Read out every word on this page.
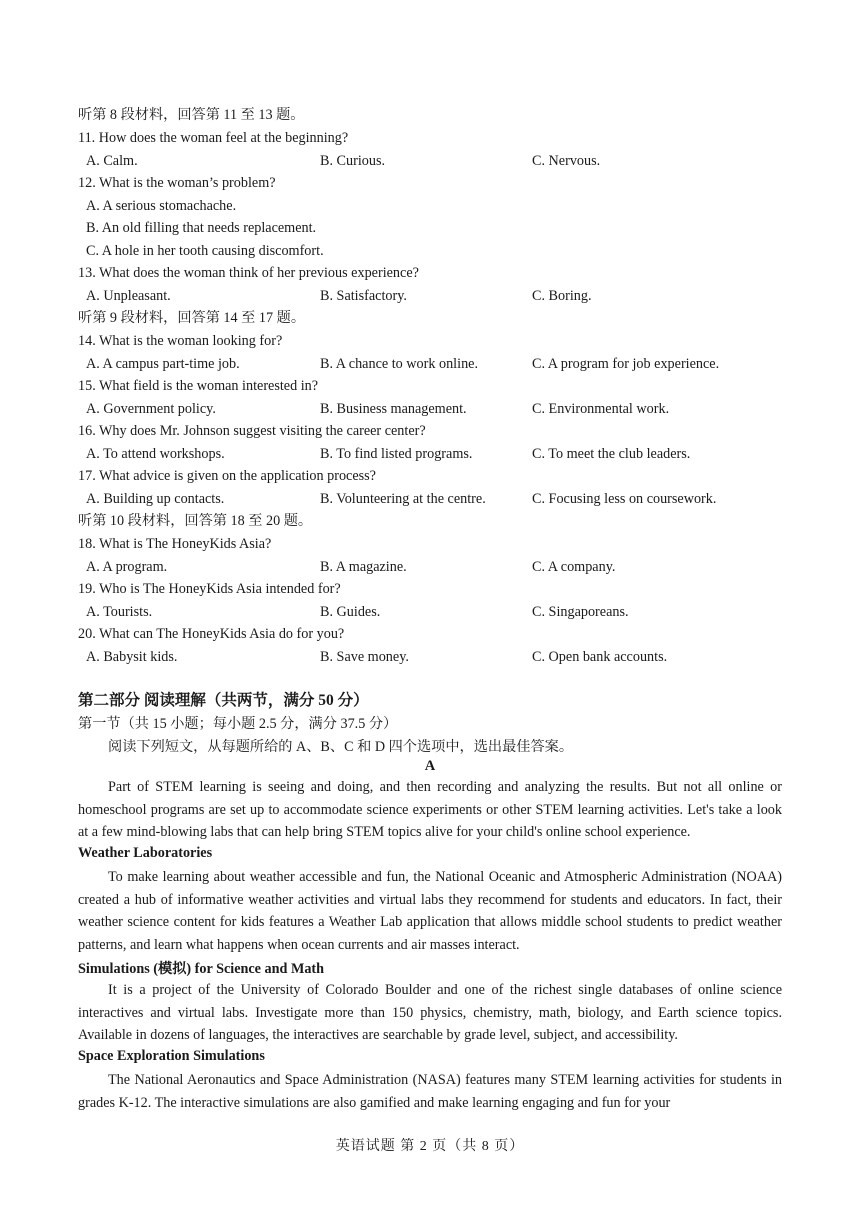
听第 8 段材料，回答第 11 至 13 题。
11. How does the woman feel at the beginning?
A. Calm.	B. Curious.	C. Nervous.
12. What is the woman’s problem?
A. A serious stomachache.
B. An old filling that needs replacement.
C. A hole in her tooth causing discomfort.
13. What does the woman think of her previous experience?
A. Unpleasant.	B. Satisfactory.	C. Boring.
听第 9 段材料，回答第 14 至 17 题。
14. What is the woman looking for?
A. A campus part-time job.	B. A chance to work online.	C. A program for job experience.
15. What field is the woman interested in?
A. Government policy.	B. Business management.	C. Environmental work.
16. Why does Mr. Johnson suggest visiting the career center?
A. To attend workshops.	B. To find listed programs.	C. To meet the club leaders.
17. What advice is given on the application process?
A. Building up contacts.	B. Volunteering at the centre.	C. Focusing less on coursework.
听第 10 段材料，回答第 18 至 20 题。
18. What is The HoneyKids Asia?
A. A program.	B. A magazine.	C. A company.
19. Who is The HoneyKids Asia intended for?
A. Tourists.	B. Guides.	C. Singaporeans.
20. What can The HoneyKids Asia do for you?
A. Babysit kids.	B. Save money.	C. Open bank accounts.
第二部分 阅读理解（共两节，满分 50 分）
第一节（共 15 小题；每小题 2.5 分，满分 37.5 分）
阅读下列短文，从每题所给的 A、B、C 和 D 四个选项中，选出最佳答案。
A
Part of STEM learning is seeing and doing, and then recording and analyzing the results. But not all online or homeschool programs are set up to accommodate science experiments or other STEM learning activities. Let's take a look at a few mind-blowing labs that can help bring STEM topics alive for your child's online school experience.
Weather Laboratories
To make learning about weather accessible and fun, the National Oceanic and Atmospheric Administration (NOAA) created a hub of informative weather activities and virtual labs they recommend for students and educators. In fact, their weather science content for kids features a Weather Lab application that allows middle school students to predict weather patterns, and learn what happens when ocean currents and air masses interact.
Simulations (模拟) for Science and Math
It is a project of the University of Colorado Boulder and one of the richest single databases of online science interactives and virtual labs. Investigate more than 150 physics, chemistry, math, biology, and Earth science topics. Available in dozens of languages, the interactives are searchable by grade level, subject, and accessibility.
Space Exploration Simulations
The National Aeronautics and Space Administration (NASA) features many STEM learning activities for students in grades K-12. The interactive simulations are also gamified and make learning engaging and fun for your
英语试题 第 2 页（共 8 页）
